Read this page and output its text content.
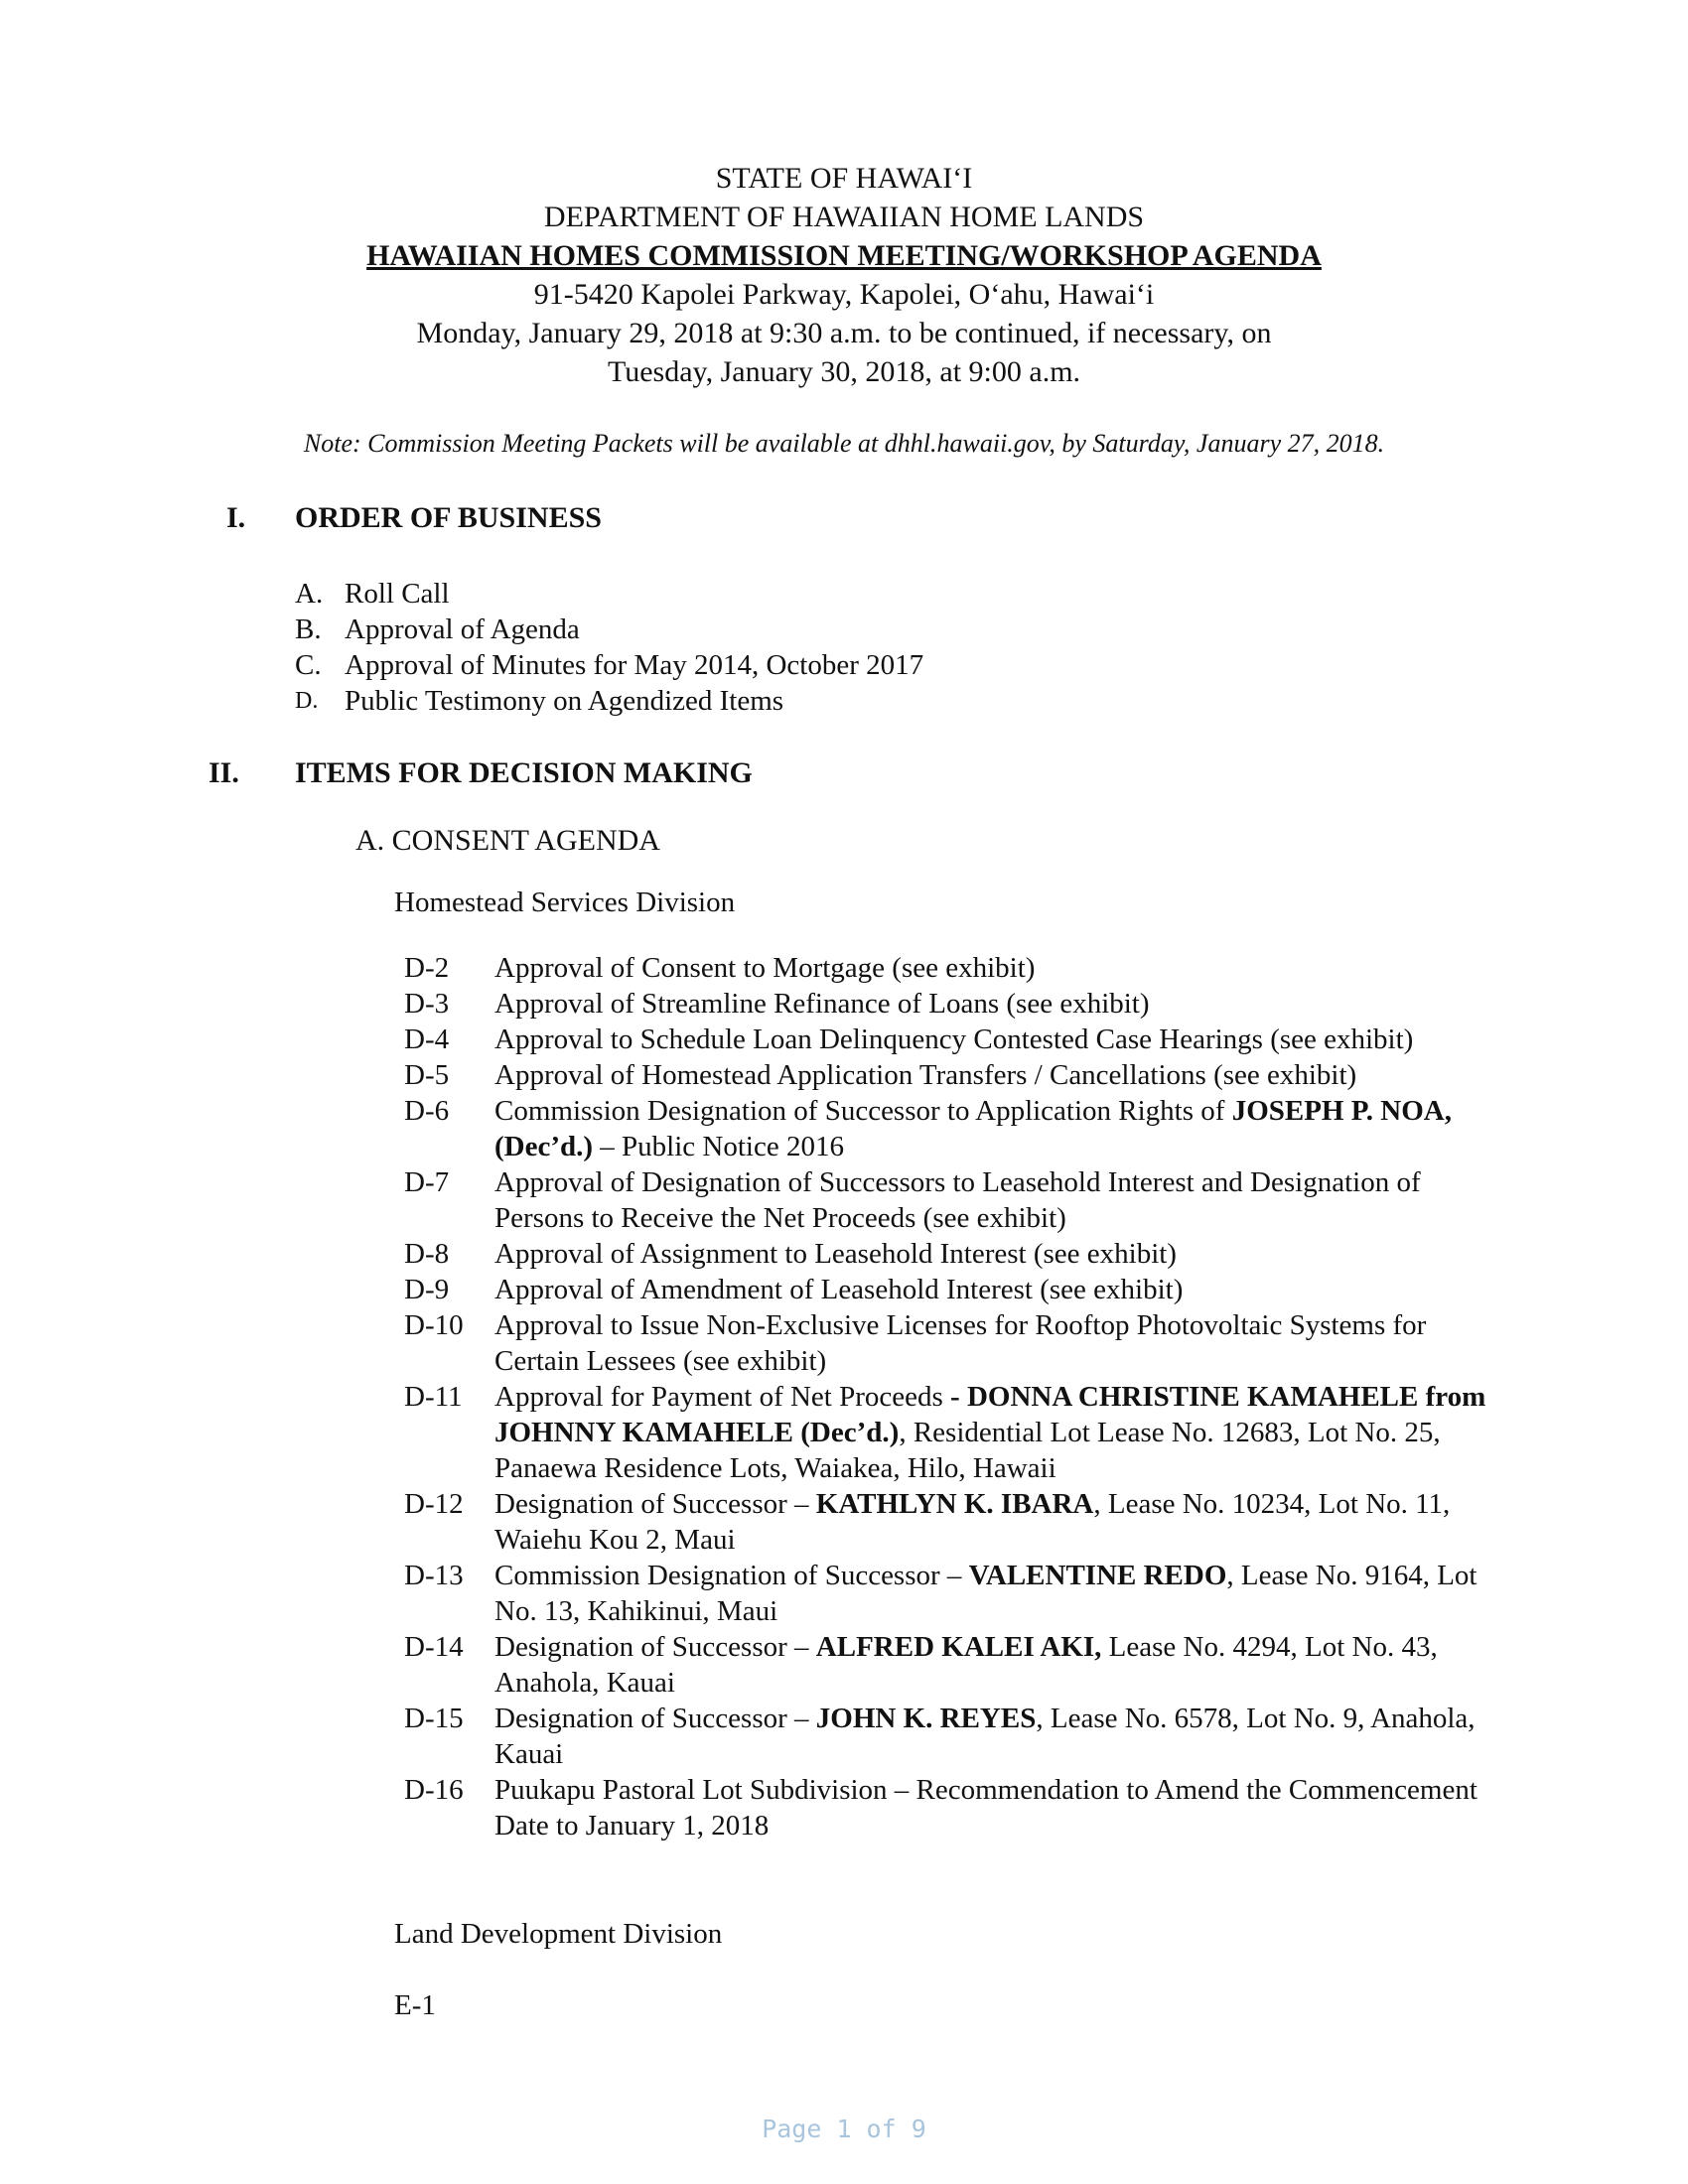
STATE OF HAWAIʻI
DEPARTMENT OF HAWAIIAN HOME LANDS
HAWAIIAN HOMES COMMISSION MEETING/WORKSHOP AGENDA
91-5420 Kapolei Parkway, Kapolei, Oʻahu, Hawaiʻi
Monday, January 29, 2018 at 9:30 a.m. to be continued, if necessary, on
Tuesday, January 30, 2018, at 9:00 a.m.
Note: Commission Meeting Packets will be available at dhhl.hawaii.gov, by Saturday, January 27, 2018.
I. ORDER OF BUSINESS
A. Roll Call
B. Approval of Agenda
C. Approval of Minutes for May 2014, October 2017
D. Public Testimony on Agendized Items
II. ITEMS FOR DECISION MAKING
A. CONSENT AGENDA
Homestead Services Division
D-2	Approval of Consent to Mortgage (see exhibit)
D-3	Approval of Streamline Refinance of Loans (see exhibit)
D-4	Approval to Schedule Loan Delinquency Contested Case Hearings (see exhibit)
D-5	Approval of Homestead Application Transfers / Cancellations (see exhibit)
D-6	Commission Designation of Successor to Application Rights of JOSEPH P. NOA, (Dec’d.) – Public Notice 2016
D-7	Approval of Designation of Successors to Leasehold Interest and Designation of Persons to Receive the Net Proceeds (see exhibit)
D-8	Approval of Assignment to Leasehold Interest (see exhibit)
D-9	Approval of Amendment of Leasehold Interest (see exhibit)
D-10	Approval to Issue Non-Exclusive Licenses for Rooftop Photovoltaic Systems for Certain Lessees (see exhibit)
D-11	Approval for Payment of Net Proceeds - DONNA CHRISTINE KAMAHELE from JOHNNY KAMAHELE (Dec’d.), Residential Lot Lease No. 12683, Lot No. 25, Panaewa Residence Lots, Waiakea, Hilo, Hawaii
D-12	Designation of Successor – KATHLYN K. IBARA, Lease No. 10234, Lot No. 11, Waiehu Kou 2, Maui
D-13	Commission Designation of Successor – VALENTINE REDO, Lease No. 9164, Lot No. 13, Kahikinui, Maui
D-14	Designation of Successor – ALFRED KALEI AKI, Lease No. 4294, Lot No. 43, Anahola, Kauai
D-15	Designation of Successor – JOHN K. REYES, Lease No. 6578, Lot No. 9, Anahola, Kauai
D-16	Puukapu Pastoral Lot Subdivision – Recommendation to Amend the Commencement Date to January 1, 2018
Land Development Division
E-1
Page 1 of 9
